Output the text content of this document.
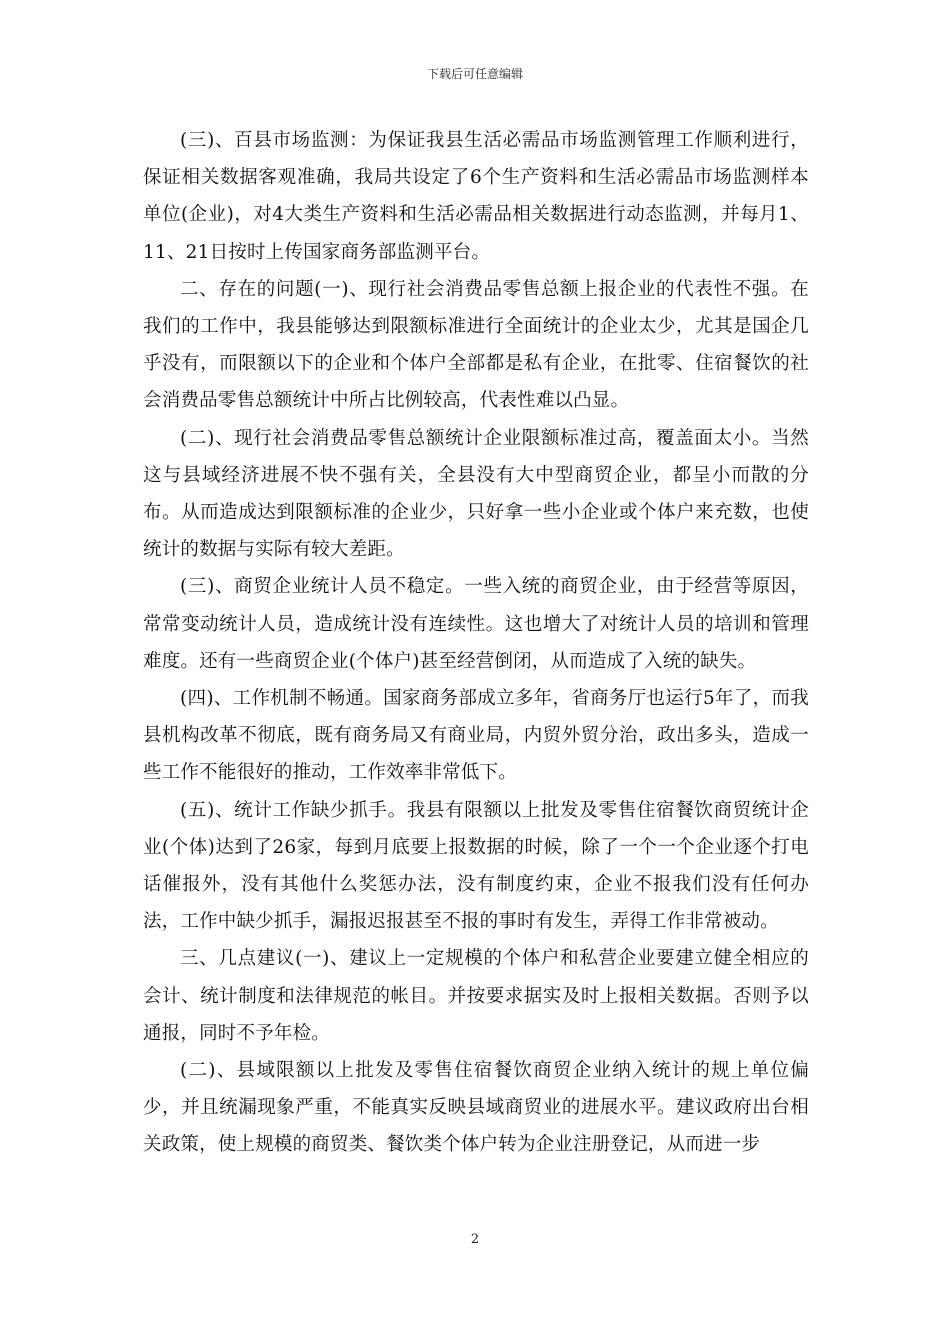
下载后可任意编辑

(三)、百县市场监测：为保证我县生活必需品市场监测管理工作顺利进行，保证相关数据客观准确，我局共设定了6个生产资料和生活必需品市场监测样本单位(企业)，对4大类生产资料和生活必需品相关数据进行动态监测，并每月1、11、21日按时上传国家商务部监测平台。

二、存在的问题(一)、现行社会消费品零售总额上报企业的代表性不强。在我们的工作中，我县能够达到限额标准进行全面统计的企业太少，尤其是国企几乎没有，而限额以下的企业和个体户全部都是私有企业，在批零、住宿餐饮的社会消费品零售总额统计中所占比例较高，代表性难以凸显。

(二)、现行社会消费品零售总额统计企业限额标准过高，覆盖面太小。当然这与县域经济进展不快不强有关，全县没有大中型商贸企业，都呈小而散的分布。从而造成达到限额标准的企业少，只好拿一些小企业或个体户来充数，也使统计的数据与实际有较大差距。

(三)、商贸企业统计人员不稳定。一些入统的商贸企业，由于经营等原因，常常变动统计人员，造成统计没有连续性。这也增大了对统计人员的培训和管理难度。还有一些商贸企业(个体户)甚至经营倒闭，从而造成了入统的缺失。

(四)、工作机制不畅通。国家商务部成立多年，省商务厅也运行5年了，而我县机构改革不彻底，既有商务局又有商业局，内贸外贸分治，政出多头，造成一些工作不能很好的推动，工作效率非常低下。

(五)、统计工作缺少抓手。我县有限额以上批发及零售住宿餐饮商贸统计企业(个体)达到了26家，每到月底要上报数据的时候，除了一个一个企业逐个打电话催报外，没有其他什么奖惩办法，没有制度约束，企业不报我们没有任何办法，工作中缺少抓手，漏报迟报甚至不报的事时有发生，弄得工作非常被动。

三、几点建议(一)、建议上一定规模的个体户和私营企业要建立健全相应的会计、统计制度和法律规范的帐目。并按要求据实及时上报相关数据。否则予以通报，同时不予年检。

(二)、县域限额以上批发及零售住宿餐饮商贸企业纳入统计的规上单位偏少，并且统漏现象严重，不能真实反映县域商贸业的进展水平。建议政府出台相关政策，使上规模的商贸类、餐饮类个体户转为企业注册登记，从而进一步

2
